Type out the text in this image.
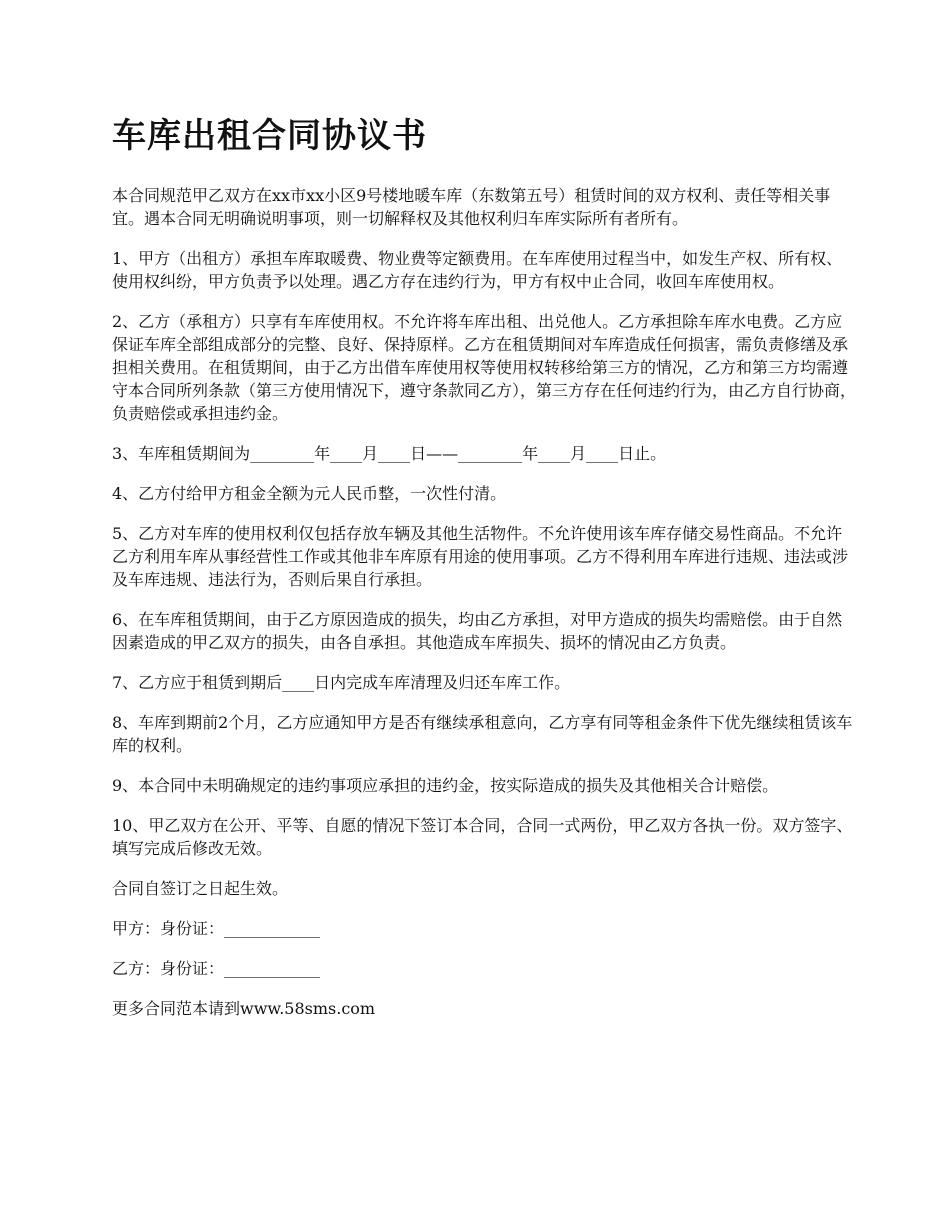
车库出租合同协议书
本合同规范甲乙双方在xx市xx小区9号楼地暖车库（东数第五号）租赁时间的双方权利、责任等相关事宜。遇本合同无明确说明事项，则一切解释权及其他权利归车库实际所有者所有。
1、甲方（出租方）承担车库取暖费、物业费等定额费用。在车库使用过程当中，如发生产权、所有权、使用权纠纷，甲方负责予以处理。遇乙方存在违约行为，甲方有权中止合同，收回车库使用权。
2、乙方（承租方）只享有车库使用权。不允许将车库出租、出兑他人。乙方承担除车库水电费。乙方应保证车库全部组成部分的完整、良好、保持原样。乙方在租赁期间对车库造成任何损害，需负责修缮及承担相关费用。在租赁期间，由于乙方出借车库使用权等使用权转移给第三方的情况，乙方和第三方均需遵守本合同所列条款（第三方使用情况下，遵守条款同乙方），第三方存在任何违约行为，由乙方自行协商，负责赔偿或承担违约金。
3、车库租赁期间为________年____月____日——________年____月____日止。
4、乙方付给甲方租金全额为元人民币整，一次性付清。
5、乙方对车库的使用权利仅包括存放车辆及其他生活物件。不允许使用该车库存储交易性商品。不允许乙方利用车库从事经营性工作或其他非车库原有用途的使用事项。乙方不得利用车库进行违规、违法或涉及车库违规、违法行为，否则后果自行承担。
6、在车库租赁期间，由于乙方原因造成的损失，均由乙方承担，对甲方造成的损失均需赔偿。由于自然因素造成的甲乙双方的损失，由各自承担。其他造成车库损失、损坏的情况由乙方负责。
7、乙方应于租赁到期后____日内完成车库清理及归还车库工作。
8、车库到期前2个月，乙方应通知甲方是否有继续承租意向，乙方享有同等租金条件下优先继续租赁该车库的权利。
9、本合同中未明确规定的违约事项应承担的违约金，按实际造成的损失及其他相关合计赔偿。
10、甲乙双方在公开、平等、自愿的情况下签订本合同，合同一式两份，甲乙双方各执一份。双方签字、填写完成后修改无效。
合同自签订之日起生效。
甲方：身份证：____________
乙方：身份证：____________
更多合同范本请到www.58sms.com
